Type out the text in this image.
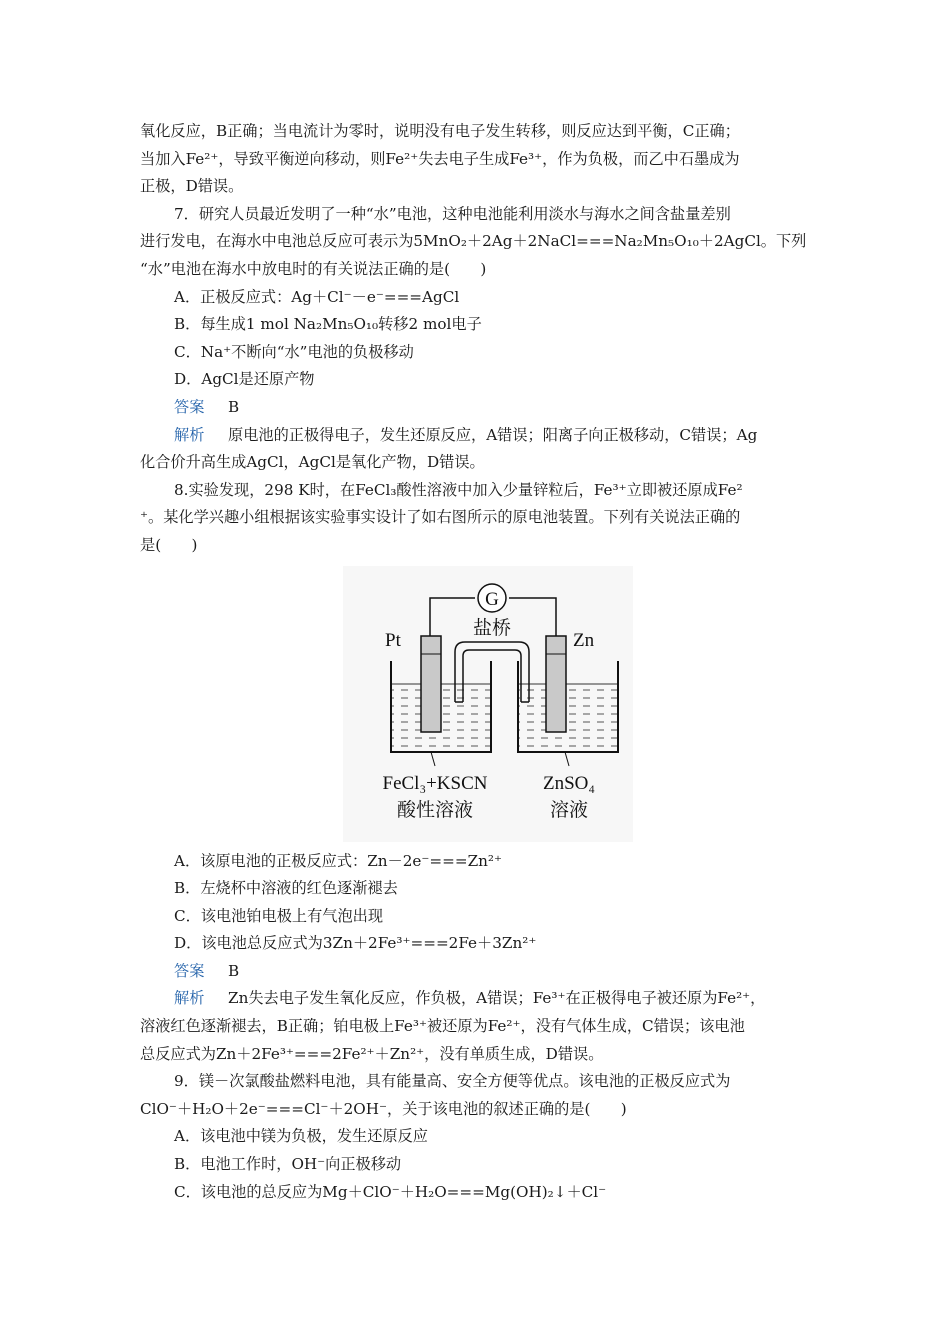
氧化反应，B正确；当电流计为零时，说明没有电子发生转移，则反应达到平衡，C正确；
当加入Fe²⁺，导致平衡逆向移动，则Fe²⁺失去电子生成Fe³⁺，作为负极，而乙中石墨成为
正极，D错误。
7．研究人员最近发明了一种“水”电池，这种电池能利用淡水与海水之间含盐量差别
进行发电，在海水中电池总反应可表示为5MnO₂＋2Ag＋2NaCl===Na₂Mn₅O₁₀＋2AgCl。下列
“水”电池在海水中放电时的有关说法正确的是(　　)
A．正极反应式：Ag＋Cl⁻－e⁻===AgCl
B．每生成1 mol Na₂Mn₅O₁₀转移2 mol电子
C．Na⁺不断向“水”电池的负极移动
D．AgCl是还原产物
答案 B
解析 原电池的正极得电子，发生还原反应，A错误；阳离子向正极移动，C错误；Ag
化合价升高生成AgCl，AgCl是氧化产物，D错误。
8.实验发现，298 K时，在FeCl₃酸性溶液中加入少量锌粒后，Fe³⁺立即被还原成Fe²
⁺。某化学兴趣小组根据该实验事实设计了如右图所示的原电池装置。下列有关说法正确的
是(　　)
G
盐桥
Pt	Zn
FeCl₃+KSCN
酸性溶液
ZnSO₄
溶液
A．该原电池的正极反应式：Zn－2e⁻===Zn²⁺
B．左烧杯中溶液的红色逐渐褪去
C．该电池铂电极上有气泡出现
D．该电池总反应式为3Zn＋2Fe³⁺===2Fe＋3Zn²⁺
答案 B
解析 Zn失去电子发生氧化反应，作负极，A错误；Fe³⁺在正极得电子被还原为Fe²⁺，
溶液红色逐渐褪去，B正确；铂电极上Fe³⁺被还原为Fe²⁺，没有气体生成，C错误；该电池
总反应式为Zn＋2Fe³⁺===2Fe²⁺＋Zn²⁺，没有单质生成，D错误。
9．镁－次氯酸盐燃料电池，具有能量高、安全方便等优点。该电池的正极反应式为
ClO⁻＋H₂O＋2e⁻===Cl⁻＋2OH⁻，关于该电池的叙述正确的是(　　)
A．该电池中镁为负极，发生还原反应
B．电池工作时，OH⁻向正极移动
C．该电池的总反应为Mg＋ClO⁻＋H₂O===Mg(OH)₂↓＋Cl⁻
